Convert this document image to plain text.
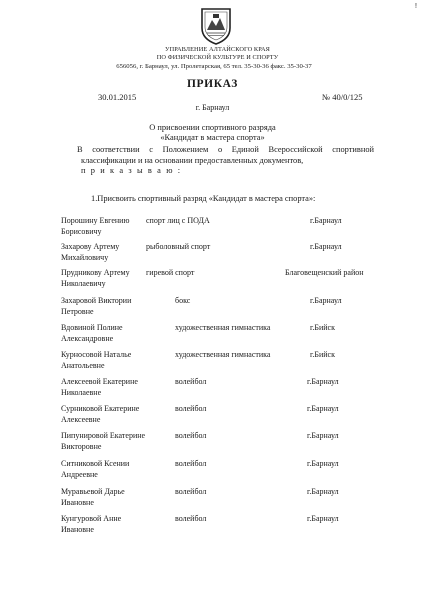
!
УПРАВЛЕНИЕ АЛТАЙСКОГО КРАЯ
ПО ФИЗИЧЕСКОЙ КУЛЬТУРЕ И СПОРТУ
656056, г. Барнаул, ул. Пролетарская, 65 тел. 35-30-36 факс. 35-30-37
ПРИКАЗ
30.01.2015	№ 40/0/125
г. Барнаул
О присвоении спортивного разряда
«Кандидат в мастера спорта»
В соответствии с Положением о Единой Всероссийской спортивной
классификации и на основании предоставленных документов,
п р и к а з ы в а ю :
1.Присвоить спортивный разряд «Кандидат в мастера спорта»:
Порошину Евгению
Борисовичу
спорт лиц с ПОДА	г.Барнаул
Захарову Артему
Михайловичу
рыболовный спорт	г.Барнаул
Прудникову Артему
Николаевичу
гиревой спорт	Благовещенский район
Захаровой Виктории
Петровне
бокс	г.Барнаул
Вдовиной Полине
Александровне
художественная гимнастика	г.Бийск
Курносовой Наталье
Анатольевне
художественная гимнастика	г.Бийск
Алексеевой Екатерине
Николаевне
волейбол	г.Барнаул
Сурниковой Екатерине
Алексеевне
волейбол	г.Барнаул
Пипунировой Екатерине
Викторовне
волейбол	г.Барнаул
Ситниковой Ксении
Андреевне
волейбол	г.Барнаул
Муравьевой Дарье
Ивановне
волейбол	г.Барнаул
Кунгуровой Анне
Ивановне
волейбол	г.Барнаул
